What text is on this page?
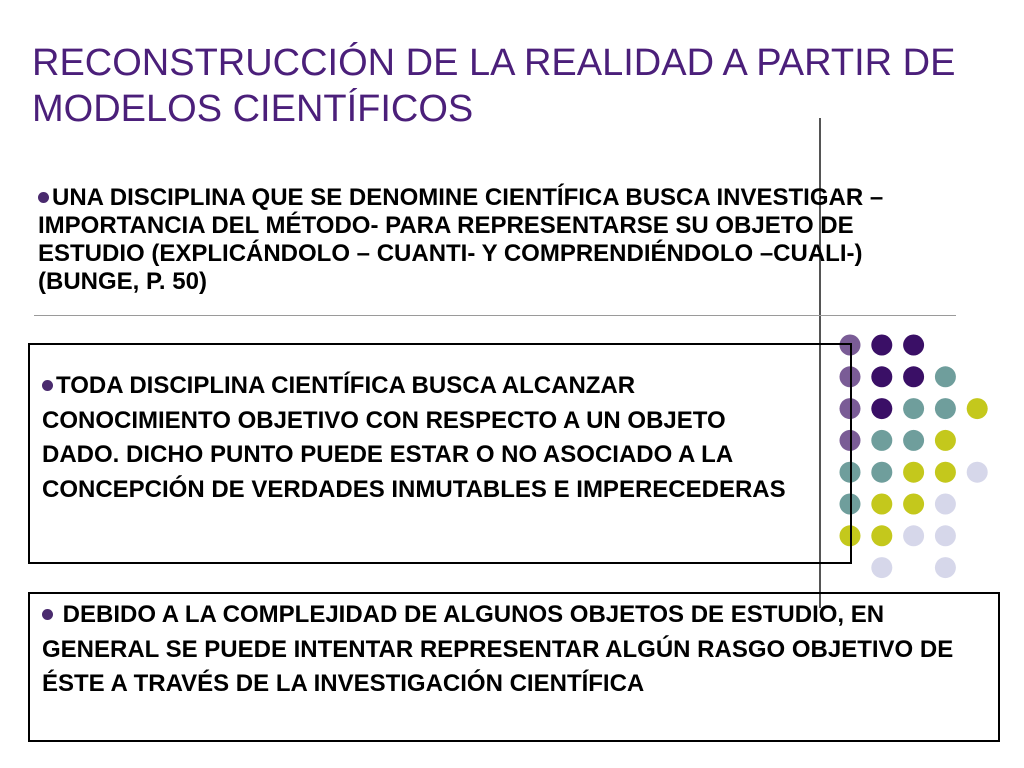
RECONSTRUCCIÓN DE LA REALIDAD A PARTIR DE MODELOS CIENTÍFICOS

UNA DISCIPLINA QUE SE DENOMINE CIENTÍFICA BUSCA INVESTIGAR –IMPORTANCIA DEL MÉTODO- PARA REPRESENTARSE SU OBJETO DE ESTUDIO (EXPLICÁNDOLO – CUANTI- Y COMPRENDIÉNDOLO –CUALI-) (BUNGE, P. 50)

TODA DISCIPLINA CIENTÍFICA BUSCA ALCANZAR CONOCIMIENTO OBJETIVO CON RESPECTO A UN OBJETO DADO. DICHO PUNTO PUEDE ESTAR O NO ASOCIADO A LA CONCEPCIÓN DE VERDADES INMUTABLES E IMPERECEDERAS

DEBIDO A LA COMPLEJIDAD DE ALGUNOS OBJETOS DE ESTUDIO, EN GENERAL SE PUEDE INTENTAR REPRESENTAR ALGÚN RASGO OBJETIVO DE ÉSTE A TRAVÉS DE LA INVESTIGACIÓN CIENTÍFICA
